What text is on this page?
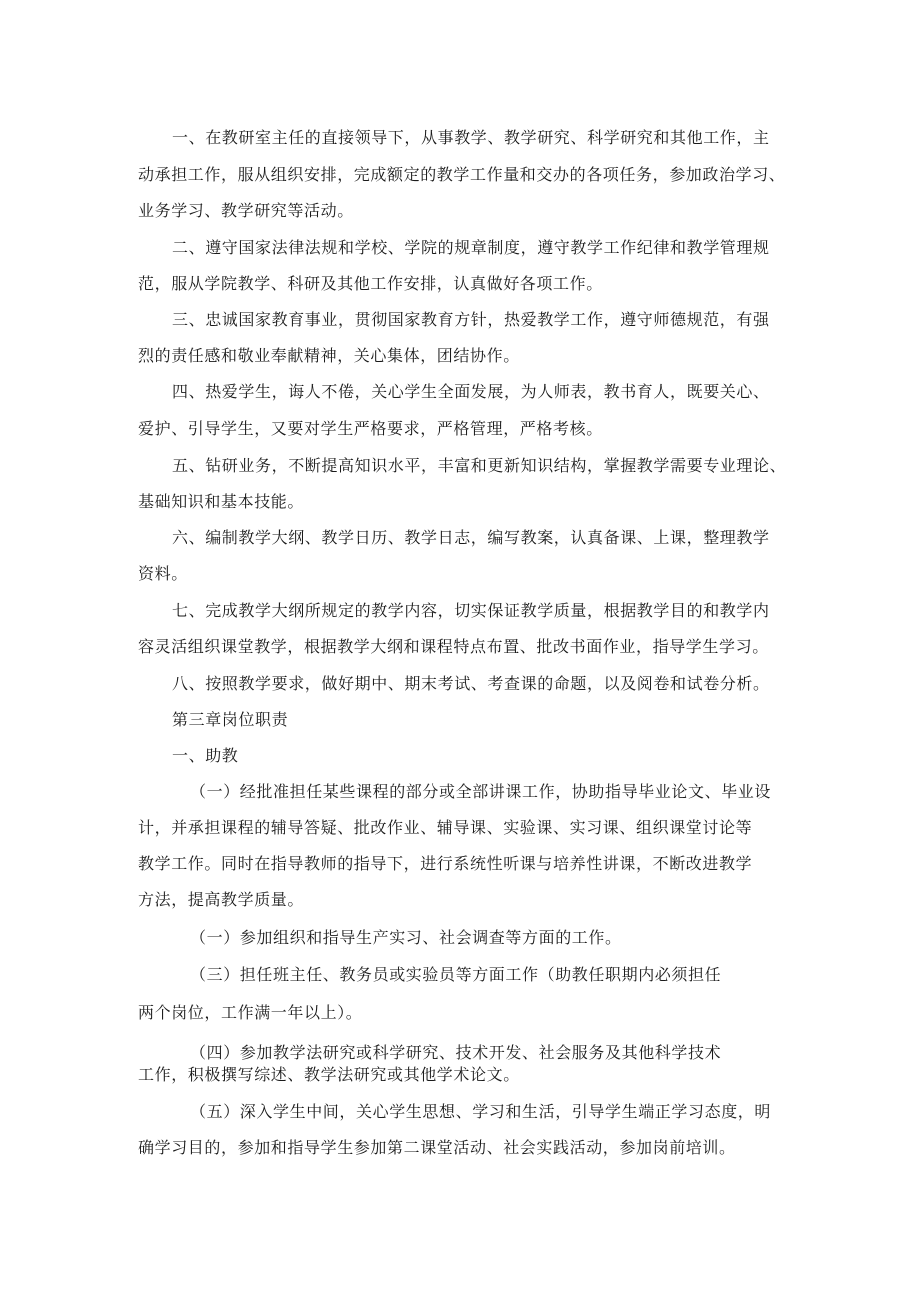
一、在教研室主任的直接领导下，从事教学、教学研究、科学研究和其他工作，主

动承担工作，服从组织安排，完成额定的教学工作量和交办的各项任务，参加政治学习、

业务学习、教学研究等活动。

二、遵守国家法律法规和学校、学院的规章制度，遵守教学工作纪律和教学管理规

范，服从学院教学、科研及其他工作安排，认真做好各项工作。

三、忠诚国家教育事业，贯彻国家教育方针，热爱教学工作，遵守师德规范，有强

烈的责任感和敬业奉献精神，关心集体，团结协作。

四、热爱学生，诲人不倦，关心学生全面发展，为人师表，教书育人，既要关心、

爱护、引导学生，又要对学生严格要求，严格管理，严格考核。

五、钻研业务，不断提高知识水平，丰富和更新知识结构，掌握教学需要专业理论、

基础知识和基本技能。

六、编制教学大纲、教学日历、教学日志，编写教案，认真备课、上课，整理教学

资料。

七、完成教学大纲所规定的教学内容，切实保证教学质量，根据教学目的和教学内

容灵活组织课堂教学，根据教学大纲和课程特点布置、批改书面作业，指导学生学习。

八、按照教学要求，做好期中、期末考试、考查课的命题，以及阅卷和试卷分析。

第三章岗位职责

一、助教

（一）经批准担任某些课程的部分或全部讲课工作，协助指导毕业论文、毕业设

计，并承担课程的辅导答疑、批改作业、辅导课、实验课、实习课、组织课堂讨论等

教学工作。同时在指导教师的指导下，进行系统性听课与培养性讲课，不断改进教学

方法，提高教学质量。

（一）参加组织和指导生产实习、社会调查等方面的工作。

（三）担任班主任、教务员或实验员等方面工作（助教任职期内必须担任

两个岗位，工作满一年以上）。

（四）参加教学法研究或科学研究、技术开发、社会服务及其他科学技术

工作，积极撰写综述、教学法研究或其他学术论文。

（五）深入学生中间，关心学生思想、学习和生活，引导学生端正学习态度，明

确学习目的，参加和指导学生参加第二课堂活动、社会实践活动，参加岗前培训。
